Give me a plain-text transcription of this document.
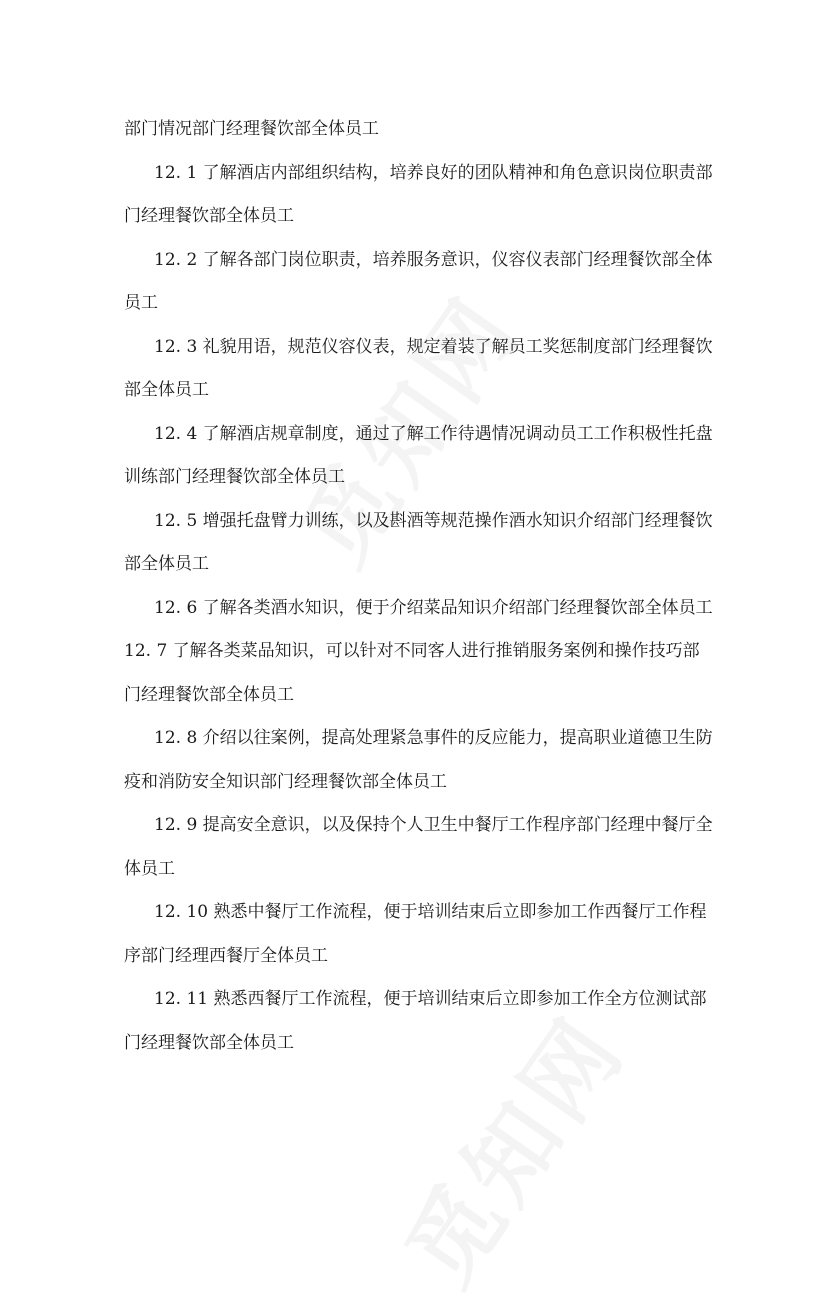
部门情况部门经理餐饮部全体员工

12. 1 了解酒店内部组织结构，培养良好的团队精神和角色意识岗位职责部门经理餐饮部全体员工

12. 2 了解各部门岗位职责，培养服务意识，仪容仪表部门经理餐饮部全体员工

12. 3 礼貌用语，规范仪容仪表，规定着装了解员工奖惩制度部门经理餐饮部全体员工

12. 4 了解酒店规章制度，通过了解工作待遇情况调动员工工作积极性托盘训练部门经理餐饮部全体员工

12. 5 增强托盘臂力训练，以及斟酒等规范操作酒水知识介绍部门经理餐饮部全体员工

12. 6 了解各类酒水知识，便于介绍菜品知识介绍部门经理餐饮部全体员工

12. 7 了解各类菜品知识，可以针对不同客人进行推销服务案例和操作技巧部门经理餐饮部全体员工

12. 8 介绍以往案例，提高处理紧急事件的反应能力，提高职业道德卫生防疫和消防安全知识部门经理餐饮部全体员工

12. 9 提高安全意识，以及保持个人卫生中餐厅工作程序部门经理中餐厅全体员工

12. 10 熟悉中餐厅工作流程，便于培训结束后立即参加工作西餐厅工作程序部门经理西餐厅全体员工

12. 11 熟悉西餐厅工作流程，便于培训结束后立即参加工作全方位测试部门经理餐饮部全体员工
